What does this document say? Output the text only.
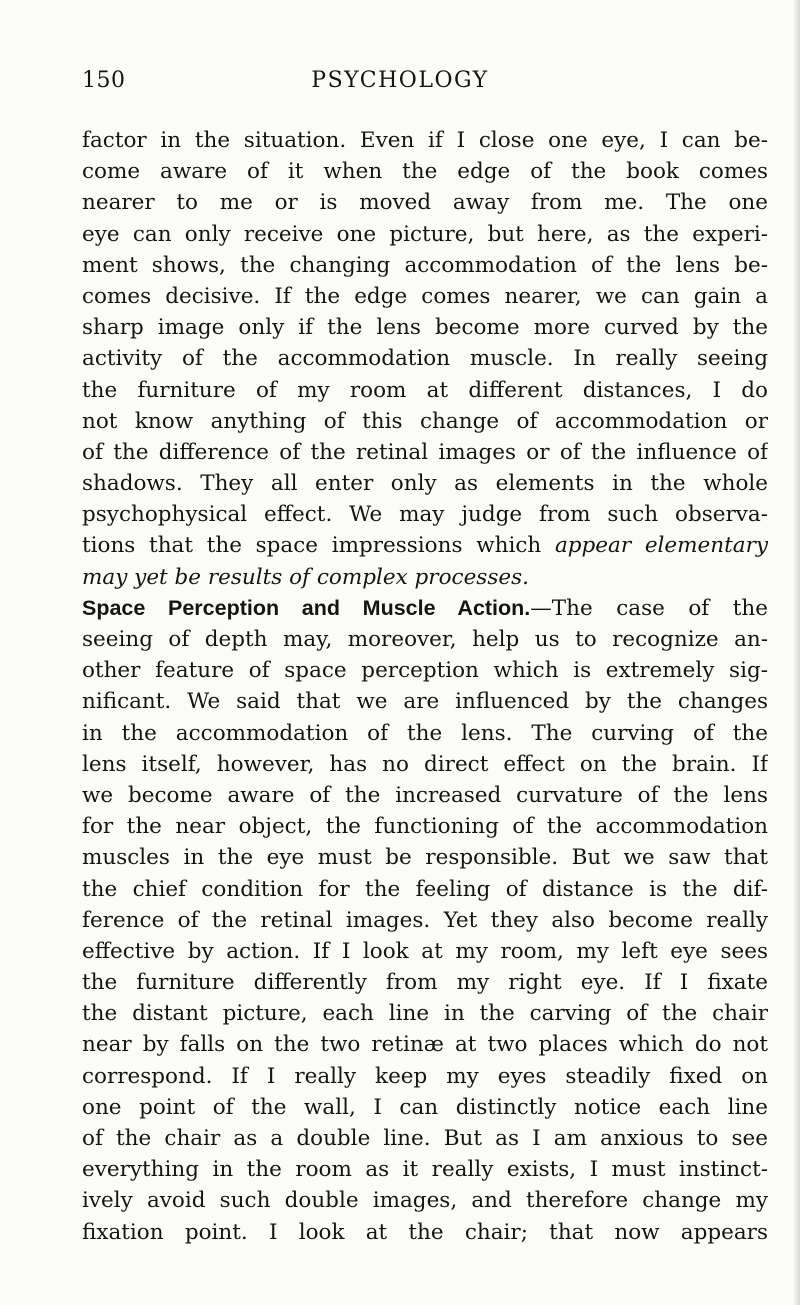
150	PSYCHOLOGY
factor in the situation. Even if I close one eye, I can be-
come aware of it when the edge of the book comes
nearer to me or is moved away from me. The one
eye can only receive one picture, but here, as the experi-
ment shows, the changing accommodation of the lens be-
comes decisive. If the edge comes nearer, we can gain a
sharp image only if the lens become more curved by the
activity of the accommodation muscle. In really seeing
the furniture of my room at different distances, I do
not know anything of this change of accommodation or
of the difference of the retinal images or of the influence of
shadows. They all enter only as elements in the whole
psychophysical effect. We may judge from such observa-
tions that the space impressions which appear elementary
may yet be results of complex processes.
Space Perception and Muscle Action.—The case of the
seeing of depth may, moreover, help us to recognize an-
other feature of space perception which is extremely sig-
nificant. We said that we are influenced by the changes
in the accommodation of the lens. The curving of the
lens itself, however, has no direct effect on the brain. If
we become aware of the increased curvature of the lens
for the near object, the functioning of the accommodation
muscles in the eye must be responsible. But we saw that
the chief condition for the feeling of distance is the dif-
ference of the retinal images. Yet they also become really
effective by action. If I look at my room, my left eye sees
the furniture differently from my right eye. If I fixate
the distant picture, each line in the carving of the chair
near by falls on the two retinæ at two places which do not
correspond. If I really keep my eyes steadily fixed on
one point of the wall, I can distinctly notice each line
of the chair as a double line. But as I am anxious to see
everything in the room as it really exists, I must instinct-
ively avoid such double images, and therefore change my
fixation point. I look at the chair; that now appears
